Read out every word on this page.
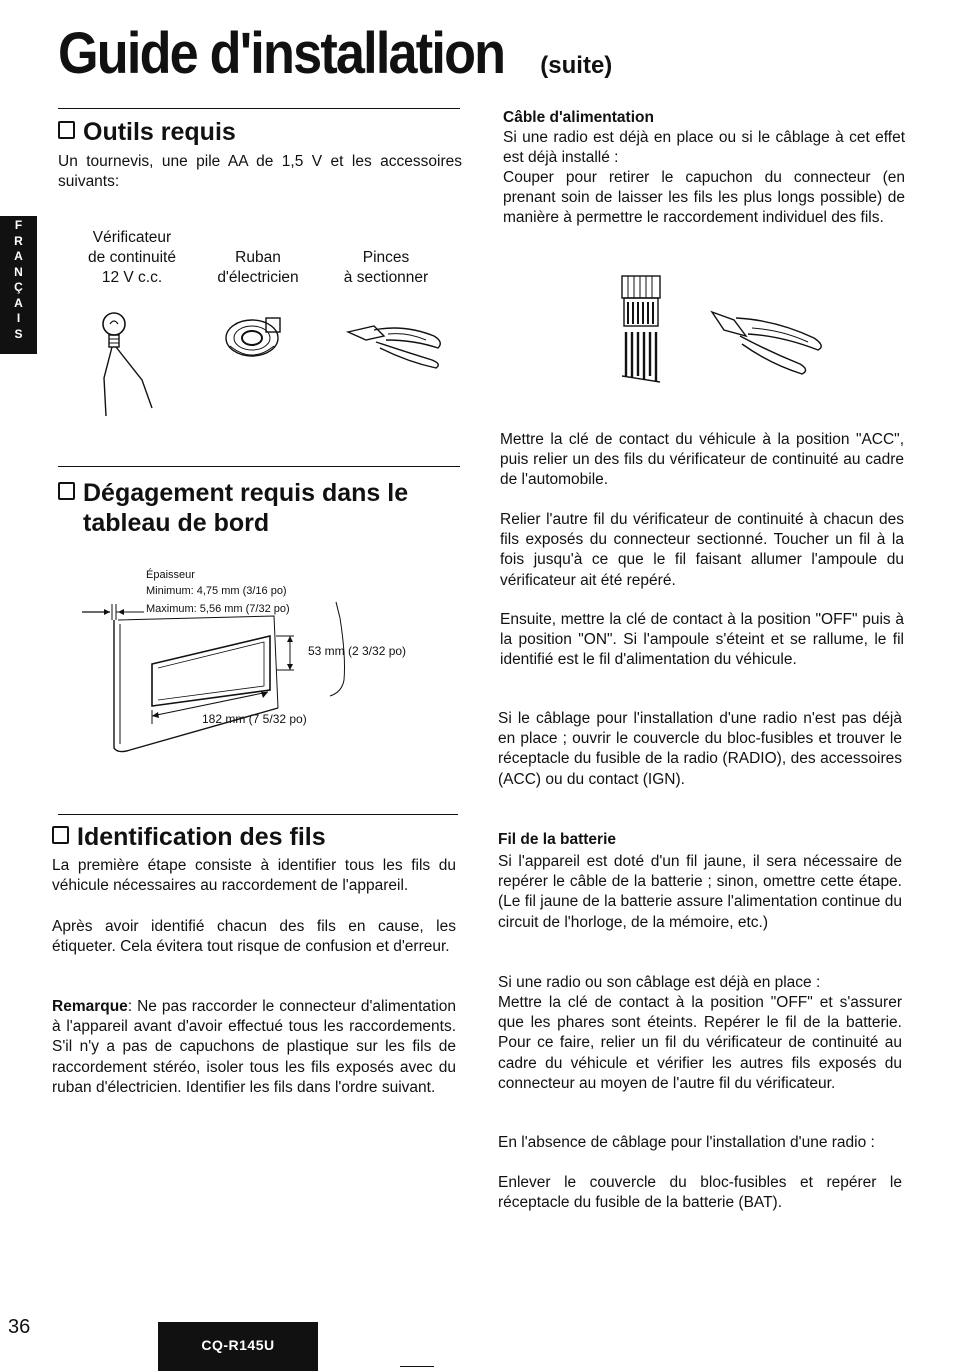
Guide d'installation (suite)
F
R
A
N
Ç
A
I
S
Outils requis
Un tournevis, une pile AA de 1,5 V et les accessoires suivants:
Vérificateur
de continuité
12 V c.c.
Ruban
d'électricien
Pinces
à sectionner
Dégagement requis dans le
tableau de bord
Épaisseur
Minimum: 4,75 mm (3/16 po)
Maximum: 5,56 mm (7/32 po)
53 mm (2 3/32 po)
182 mm (7 5/32 po)
Identification des fils
La première étape consiste à identifier tous les fils du véhicule nécessaires au raccordement de l'appareil.
Après avoir identifié chacun des fils en cause, les étiqueter. Cela évitera tout risque de confusion et d'erreur.
Remarque: Ne pas raccorder le connecteur d'alimentation à l'appareil avant d'avoir effectué tous les raccordements. S'il n'y a pas de capuchons de plastique sur les fils de raccordement stéréo, isoler tous les fils exposés avec du ruban d'électricien. Identifier les fils dans l'ordre suivant.
Câble d'alimentation
Si une radio est déjà en place ou si le câblage à cet effet est déjà installé :
Couper pour retirer le capuchon du connecteur (en prenant soin de laisser les fils les plus longs possible) de manière à permettre le raccordement individuel des fils.
Mettre la clé de contact du véhicule à la position "ACC", puis relier un des fils du vérificateur de continuité au cadre de l'automobile.
Relier l'autre fil du vérificateur de continuité à chacun des fils exposés du connecteur sectionné. Toucher un fil à la fois jusqu'à ce que le fil faisant allumer l'ampoule du vérificateur ait été repéré.
Ensuite, mettre la clé de contact à la position "OFF" puis à la position "ON". Si l'ampoule s'éteint et se rallume, le fil identifié est le fil d'alimentation du véhicule.
Si le câblage pour l'installation d'une radio n'est pas déjà en place ; ouvrir le couvercle du bloc-fusibles et trouver le réceptacle du fusible de la radio (RADIO), des accessoires (ACC) ou du contact (IGN).
Fil de la batterie
Si l'appareil est doté d'un fil jaune, il sera nécessaire de repérer le câble de la batterie ; sinon, omettre cette étape. (Le fil jaune de la batterie assure l'alimentation continue du circuit de l'horloge, de la mémoire, etc.)
Si une radio ou son câblage est déjà en place :
Mettre la clé de contact à la position "OFF" et s'assurer que les phares sont éteints. Repérer le fil de la batterie. Pour ce faire, relier un fil du vérificateur de continuité au cadre du véhicule et vérifier les autres fils exposés du connecteur au moyen de l'autre fil du vérificateur.
En l'absence de câblage pour l'installation d'une radio :
Enlever le couvercle du bloc-fusibles et repérer le réceptacle du fusible de la batterie (BAT).
36
CQ-R145U
